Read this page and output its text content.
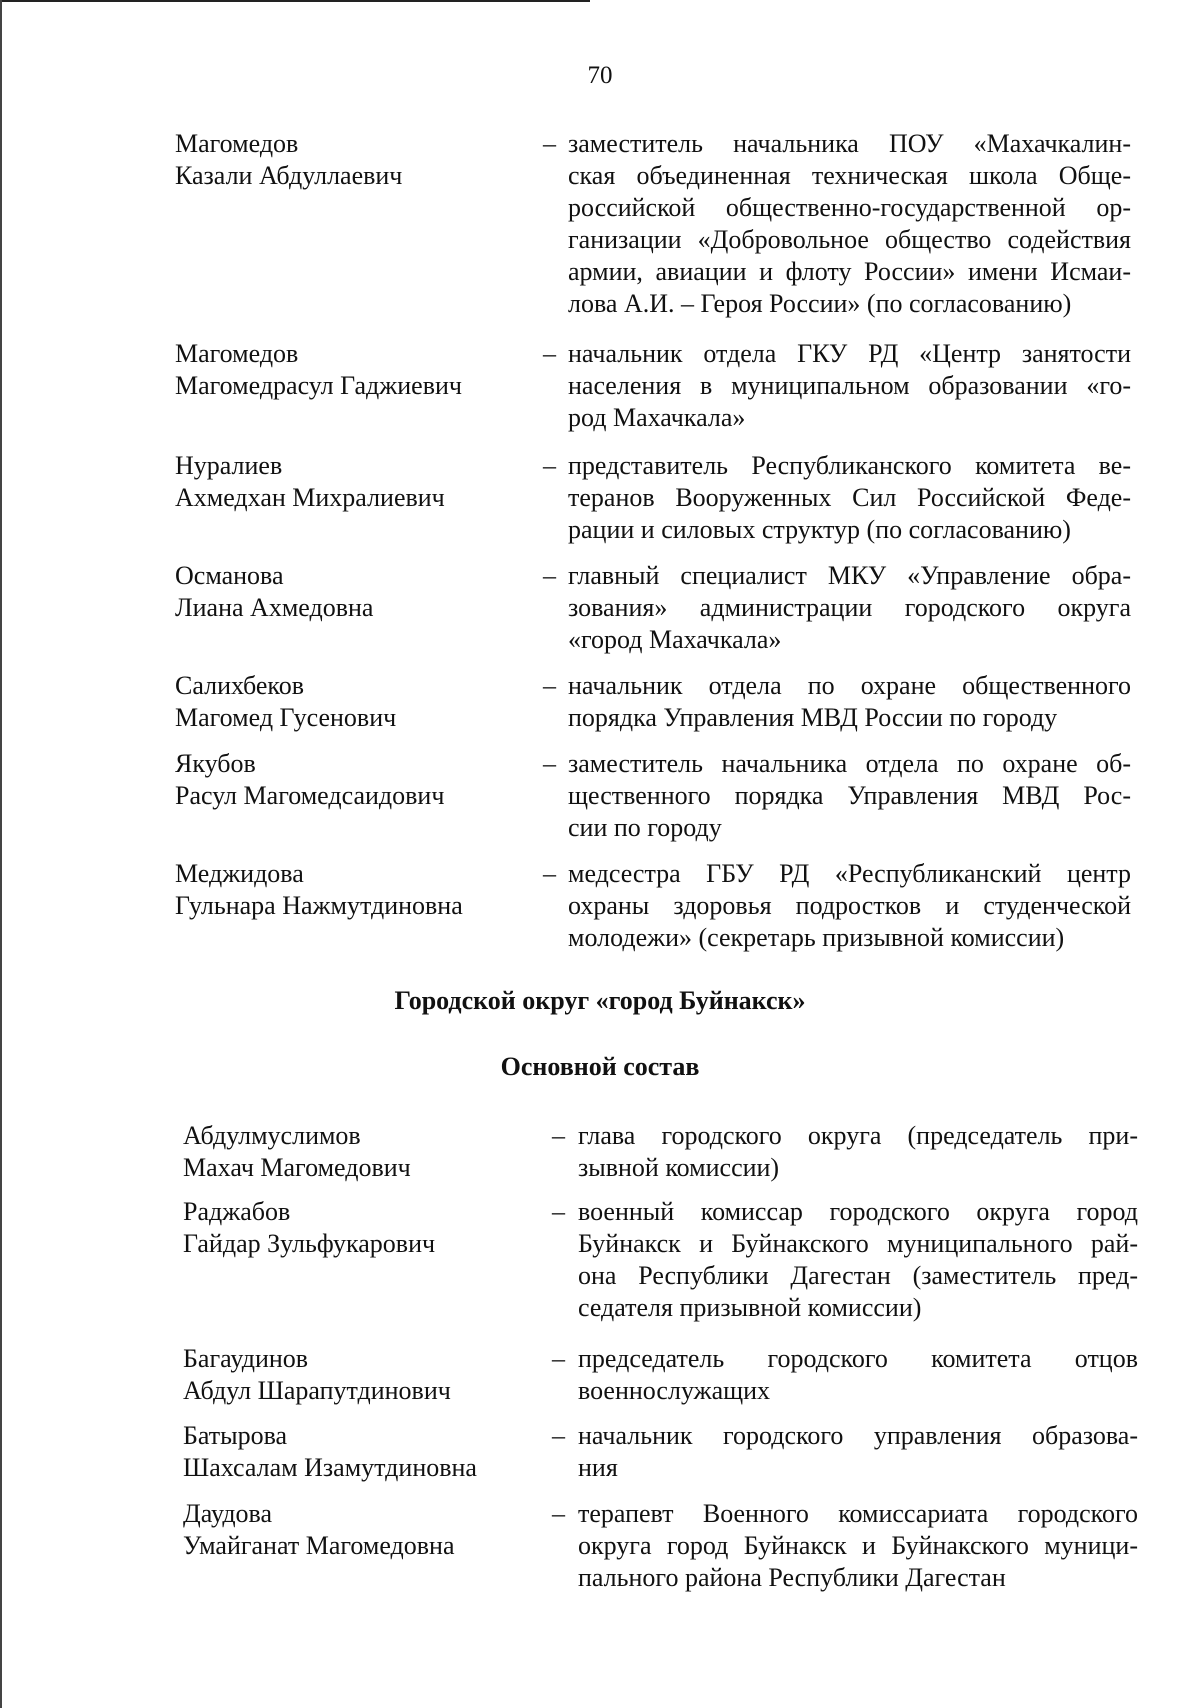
70
Магомедов
Казали Абдуллаевич
– заместитель начальника ПОУ «Махачкалин-
ская объединенная техническая школа Обще-
российской общественно-государственной ор-
ганизации «Добровольное общество содействия
армии, авиации и флоту России» имени Исмаи-
лова А.И. – Героя России» (по согласованию)
Магомедов
Магомедрасул Гаджиевич
– начальник отдела ГКУ РД «Центр занятости
населения в муниципальном образовании «го-
род Махачкала»
Нуралиев
Ахмедхан Михралиевич
– представитель Республиканского комитета ве-
теранов Вооруженных Сил Российской Феде-
рации и силовых структур (по согласованию)
Османова
Лиана Ахмедовна
– главный специалист МКУ «Управление обра-
зования» администрации городского округа
«город Махачкала»
Салихбеков
Магомед Гусенович
– начальник отдела по охране общественного
порядка Управления МВД России по городу
Якубов
Расул Магомедсаидович
– заместитель начальника отдела по охране об-
щественного порядка Управления МВД Рос-
сии по городу
Меджидова
Гульнара Нажмутдиновна
– медсестра ГБУ РД «Республиканский центр
охраны здоровья подростков и студенческой
молодежи» (секретарь призывной комиссии)
Городской округ «город Буйнакск»
Основной состав
Абдулмуслимов
Махач Магомедович
– глава городского округа (председатель при-
зывной комиссии)
Раджабов
Гайдар Зульфукарович
– военный комиссар городского округа город
Буйнакск и Буйнакского муниципального рай-
она Республики Дагестан (заместитель пред-
седателя призывной комиссии)
Багаудинов
Абдул Шарапутдинович
– председатель городского комитета отцов
военнослужащих
Батырова
Шахсалам Изамутдиновна
– начальник городского управления образова-
ния
Даудова
Умайганат Магомедовна
– терапевт Военного комиссариата городского
округа город Буйнакск и Буйнакского муници-
пального района Республики Дагестан
